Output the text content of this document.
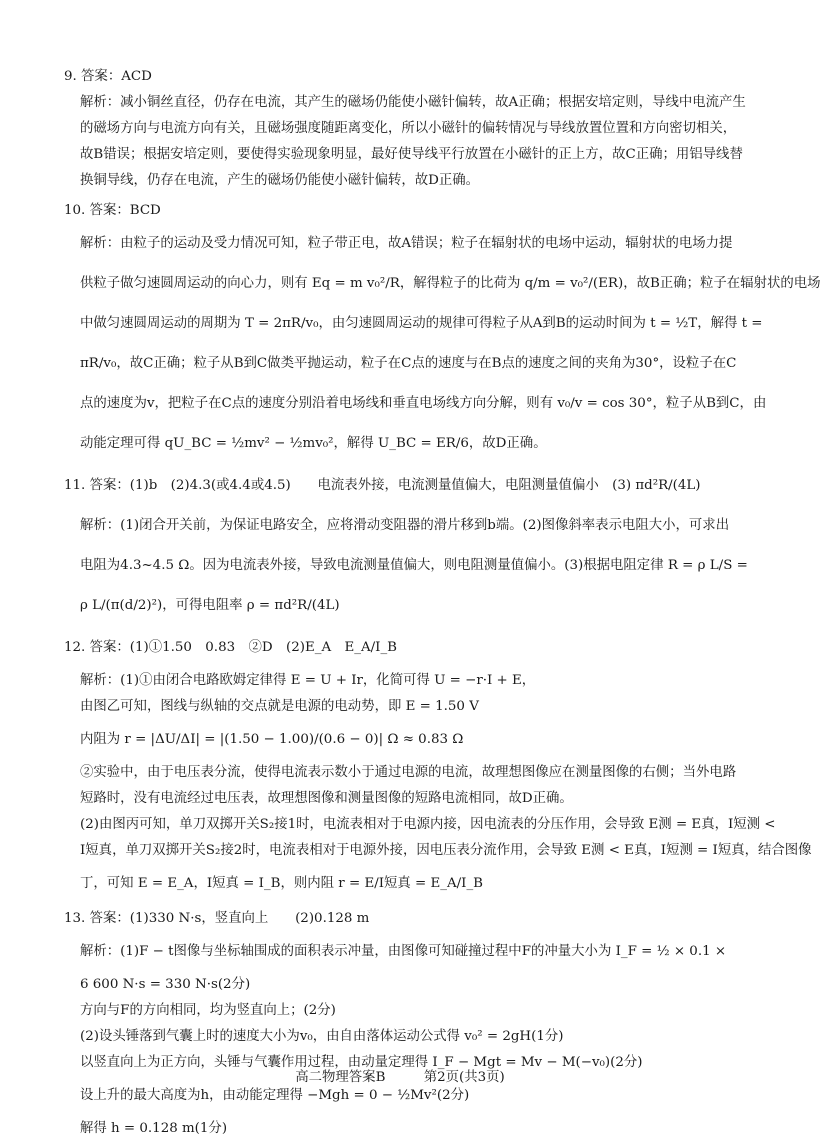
9. 答案：ACD
解析：减小铜丝直径，仍存在电流，其产生的磁场仍能使小磁针偏转，故A正确；根据安培定则，导线中电流产生
的磁场方向与电流方向有关，且磁场强度随距离变化，所以小磁针的偏转情况与导线放置位置和方向密切相关，
故B错误；根据安培定则，要使得实验现象明显，最好使导线平行放置在小磁针的正上方，故C正确；用铝导线替
换铜导线，仍存在电流，产生的磁场仍能使小磁针偏转，故D正确。
10. 答案：BCD
解析：由粒子的运动及受力情况可知，粒子带正电，故A错误；粒子在辐射状的电场中运动，辐射状的电场力提
供粒子做匀速圆周运动的向心力，则有 Eq = m v₀²/R，解得粒子的比荷为 q/m = v₀²/(ER)，故B正确；粒子在辐射状的电场
中做匀速圆周运动的周期为 T = 2πR/v₀，由匀速圆周运动的规律可得粒子从A到B的运动时间为 t = ½T，解得 t =
πR/v₀，故C正确；粒子从B到C做类平抛运动，粒子在C点的速度与在B点的速度之间的夹角为30°，设粒子在C
点的速度为v，把粒子在C点的速度分别沿着电场线和垂直电场线方向分解，则有 v₀/v = cos 30°，粒子从B到C，由
动能定理可得 qU_BC = ½mv² − ½mv₀²，解得 U_BC = ER/6，故D正确。
11. 答案：(1)b　(2)4.3(或4.4或4.5)　　电流表外接，电流测量值偏大，电阻测量值偏小　(3) πd²R/(4L)
解析：(1)闭合开关前，为保证电路安全，应将滑动变阻器的滑片移到b端。(2)图像斜率表示电阻大小，可求出
电阻为4.3~4.5 Ω。因为电流表外接，导致电流测量值偏大，则电阻测量值偏小。(3)根据电阻定律 R = ρ L/S =
ρ L/(π(d/2)²)，可得电阻率 ρ = πd²R/(4L)
12. 答案：(1)①1.50　0.83　②D　(2)E_A　E_A/I_B
解析：(1)①由闭合电路欧姆定律得 E = U + Ir，化简可得 U = −r·I + E，
由图乙可知，图线与纵轴的交点就是电源的电动势，即 E = 1.50 V
内阻为 r = |ΔU/ΔI| = |(1.50 − 1.00)/(0.6 − 0)| Ω ≈ 0.83 Ω
②实验中，由于电压表分流，使得电流表示数小于通过电源的电流，故理想图像应在测量图像的右侧；当外电路
短路时，没有电流经过电压表，故理想图像和测量图像的短路电流相同，故D正确。
(2)由图丙可知，单刀双掷开关S₂接1时，电流表相对于电源内接，因电流表的分压作用，会导致 E测 = E真，I短测 <
I短真，单刀双掷开关S₂接2时，电流表相对于电源外接，因电压表分流作用，会导致 E测 < E真，I短测 = I短真，结合图像
丁，可知 E = E_A，I短真 = I_B，则内阻 r = E/I短真 = E_A/I_B
13. 答案：(1)330 N·s，竖直向上　　(2)0.128 m
解析：(1)F − t图像与坐标轴围成的面积表示冲量，由图像可知碰撞过程中F的冲量大小为 I_F = ½ × 0.1 ×
6 600 N·s = 330 N·s(2分)
方向与F的方向相同，均为竖直向上；(2分)
(2)设头锤落到气囊上时的速度大小为v₀，由自由落体运动公式得 v₀² = 2gH(1分)
以竖直向上为正方向，头锤与气囊作用过程，由动量定理得 I_F − Mgt = Mv − M(−v₀)(2分)
设上升的最大高度为h，由动能定理得 −Mgh = 0 − ½Mv²(2分)
解得 h = 0.128 m(1分)
高二物理答案B	第2页(共3页)
